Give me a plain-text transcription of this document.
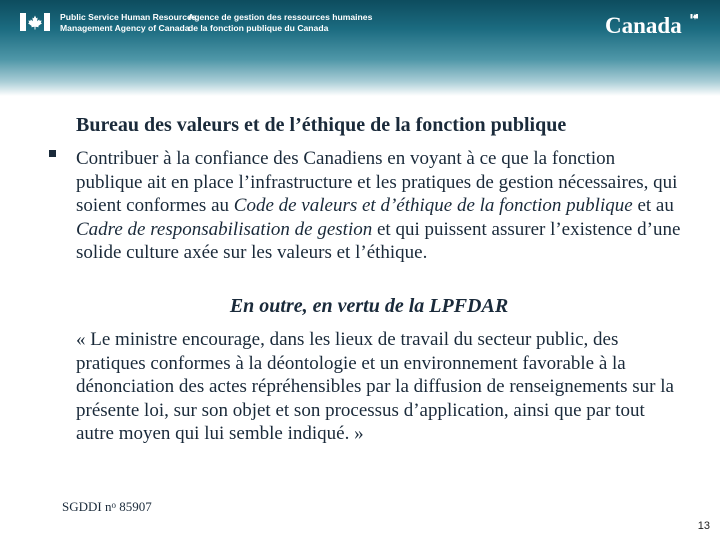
Public Service Human Resources
Management Agency of Canada
Agence de gestion des ressources humaines
de la fonction publique du Canada	Canada
Bureau des valeurs et de l’éthique de la fonction publique
Contribuer à la confiance des Canadiens en voyant à ce que la fonction publique ait en place l’infrastructure et les pratiques de gestion nécessaires, qui soient conformes au Code de valeurs et d’éthique de la fonction publique et au Cadre de responsabilisation de gestion et qui puissent assurer l’existence d’une solide culture axée sur les valeurs et l’éthique.
En outre, en vertu de la LPFDAR
« Le ministre encourage, dans les lieux de travail du secteur public, des pratiques conformes à la déontologie et un environnement favorable à la dénonciation des actes répréhensibles par la diffusion de renseignements sur la présente loi, sur son objet et son processus d’application, ainsi que par tout autre moyen qui lui semble indiqué. »
SGDDI $n^o$ 85907
13
